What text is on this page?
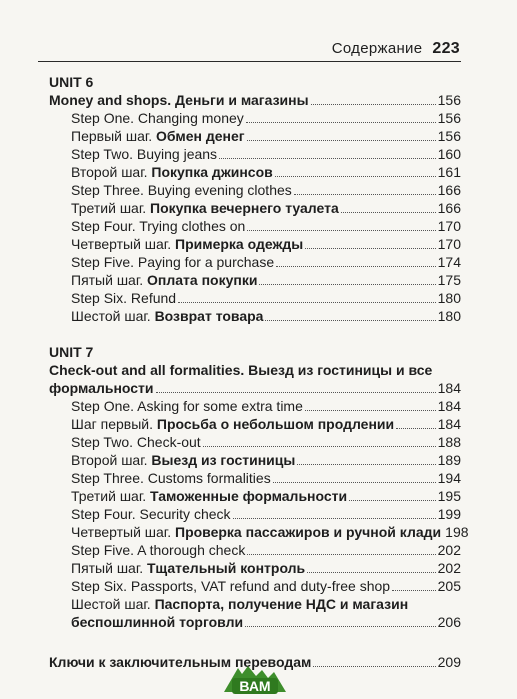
Содержание 223
UNIT 6
Money and shops. Деньги и магазины	156
Step One. Changing money	156
Первый шаг. Обмен денег	156
Step Two. Buying jeans	160
Второй шаг. Покупка джинсов	161
Step Three. Buying evening clothes	166
Третий шаг. Покупка вечернего туалета	166
Step Four. Trying clothes on	170
Четвертый шаг. Примерка одежды	170
Step Five. Paying for a purchase	174
Пятый шаг. Оплата покупки	175
Step Six. Refund	180
Шестой шаг. Возврат товара	180
UNIT 7
Check-out and all formalities. Выезд из гостиницы и все
формальности	184
Step One. Asking for some extra time	184
Шаг первый. Просьба о небольшом продлении	184
Step Two. Check-out	188
Второй шаг. Выезд из гостиницы	189
Step Three. Customs formalities	194
Третий шаг. Таможенные формальности	195
Step Four. Security check	199
Четвертый шаг. Проверка пассажиров и ручной клади 198
Step Five. A thorough check	202
Пятый шаг. Тщательный контроль	202
Step Six. Passports, VAT refund and duty-free shop	205
Шестой шаг. Паспорта, получение НДС и магазин
беспошлинной торговли	206
Ключи к заключительным переводам	209
ВАМ
